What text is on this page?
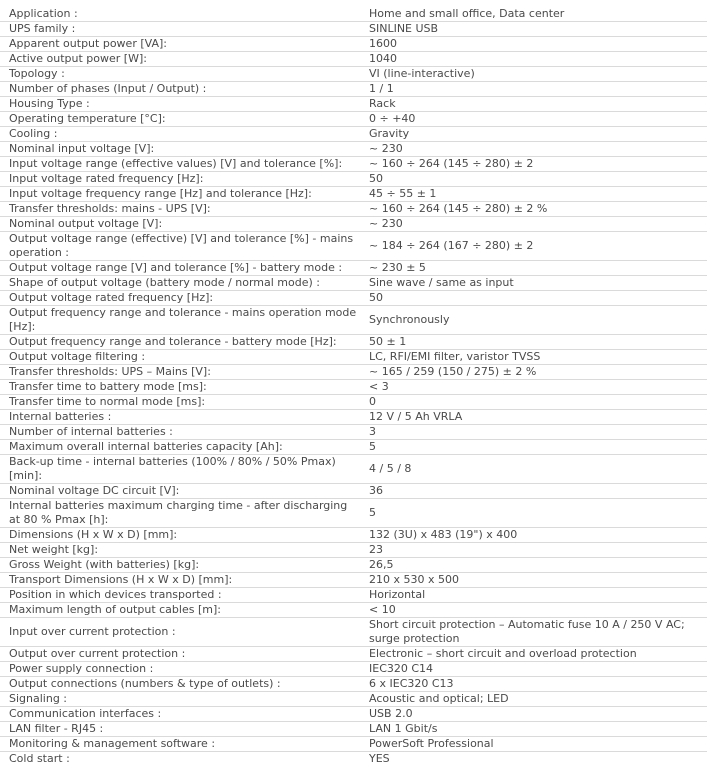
Application :	Home and small office, Data center
UPS family :	SINLINE USB
Apparent output power [VA]:	1600
Active output power [W]:	1040
Topology :	VI (line-interactive)
Number of phases (Input / Output) :	1 / 1
Housing Type :	Rack
Operating temperature [°C]:	0 ÷ +40
Cooling :	Gravity
Nominal input voltage [V]:	~ 230
Input voltage range (effective values) [V] and tolerance [%]:	~ 160 ÷ 264 (145 ÷ 280) ± 2
Input voltage rated frequency [Hz]:	50
Input voltage frequency range [Hz] and tolerance [Hz]:	45 ÷ 55 ± 1
Transfer thresholds: mains - UPS [V]:	~ 160 ÷ 264 (145 ÷ 280) ± 2 %
Nominal output voltage [V]:	~ 230
Output voltage range (effective) [V] and tolerance [%] - mains operation :
~ 184 ÷ 264 (167 ÷ 280) ± 2
Output voltage range [V] and tolerance [%] - battery mode :	~ 230 ± 5
Shape of output voltage (battery mode / normal mode) :	Sine wave / same as input
Output voltage rated frequency [Hz]:	50
Output frequency range and tolerance - mains operation mode [Hz]:
Synchronously
Output frequency range and tolerance - battery mode [Hz]:	50 ± 1
Output voltage filtering :	LC, RFI/EMI filter, varistor TVSS
Transfer thresholds: UPS – Mains [V]:	~ 165 / 259 (150 / 275) ± 2 %
Transfer time to battery mode [ms]:	< 3
Transfer time to normal mode [ms]:	0
Internal batteries :	12 V / 5 Ah VRLA
Number of internal batteries :	3
Maximum overall internal batteries capacity [Ah]:	5
Back-up time - internal batteries (100% / 80% / 50% Pmax) [min]:
4 / 5 / 8
Nominal voltage DC circuit [V]:	36
Internal batteries maximum charging time - after discharging at 80 % Pmax [h]:
5
Dimensions (H x W x D) [mm]:	132 (3U) x 483 (19") x 400
Net weight [kg]:	23
Gross Weight (with batteries) [kg]:	26,5
Transport Dimensions (H x W x D) [mm]:	210 x 530 x 500
Position in which devices transported :	Horizontal
Maximum length of output cables [m]:	< 10
Input over current protection :
Short circuit protection – Automatic fuse 10 A / 250 V AC; surge protection
Output over current protection :	Electronic – short circuit and overload protection
Power supply connection :	IEC320 C14
Output connections (numbers & type of outlets) :	6 x IEC320 C13
Signaling :	Acoustic and optical; LED
Communication interfaces :	USB 2.0
LAN filter - RJ45 :	LAN 1 Gbit/s
Monitoring & management software :	PowerSoft Professional
Cold start :	YES
